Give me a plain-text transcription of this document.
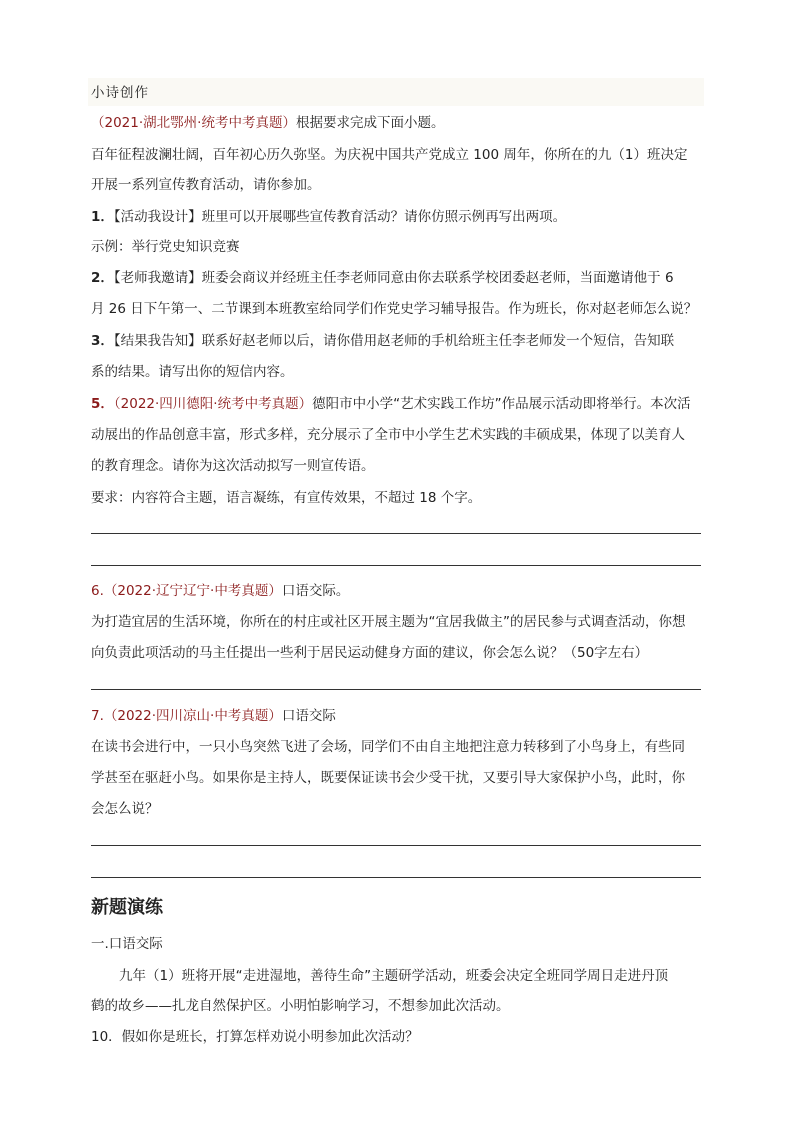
小诗创作
（2021·湖北鄂州·统考中考真题）根据要求完成下面小题。
百年征程波澜壮阔，百年初心历久弥坚。为庆祝中国共产党成立 100 周年，你所在的九（1）班决定
开展一系列宣传教育活动，请你参加。
1．【活动我设计】班里可以开展哪些宣传教育活动？请你仿照示例再写出两项。
示例：举行党史知识竞赛
2．【老师我邀请】班委会商议并经班主任李老师同意由你去联系学校团委赵老师，当面邀请他于 6
月 26 日下午第一、二节课到本班教室给同学们作党史学习辅导报告。作为班长，你对赵老师怎么说？
3．【结果我告知】联系好赵老师以后，请你借用赵老师的手机给班主任李老师发一个短信，告知联
系的结果。请写出你的短信内容。
5．（2022·四川德阳·统考中考真题）德阳市中小学“艺术实践工作坊”作品展示活动即将举行。本次活
动展出的作品创意丰富，形式多样，充分展示了全市中小学生艺术实践的丰硕成果，体现了以美育人
的教育理念。请你为这次活动拟写一则宣传语。
要求：内容符合主题，语言凝练，有宣传效果，不超过 18 个字。
6.（2022·辽宁辽宁·中考真题）口语交际。
为打造宜居的生活环境，你所在的村庄或社区开展主题为“宜居我做主”的居民参与式调查活动，你想
向负责此项活动的马主任提出一些利于居民运动健身方面的建议，你会怎么说？（50字左右）
7.（2022·四川凉山·中考真题）口语交际
在读书会进行中，一只小鸟突然飞进了会场，同学们不由自主地把注意力转移到了小鸟身上，有些同
学甚至在驱赶小鸟。如果你是主持人，既要保证读书会少受干扰，又要引导大家保护小鸟，此时，你
会怎么说？
新题演练
一.口语交际
九年（1）班将开展“走进湿地，善待生命”主题研学活动，班委会决定全班同学周日走进丹顶
鹤的故乡——扎龙自然保护区。小明怕影响学习，不想参加此次活动。
10．假如你是班长，打算怎样劝说小明参加此次活动？
